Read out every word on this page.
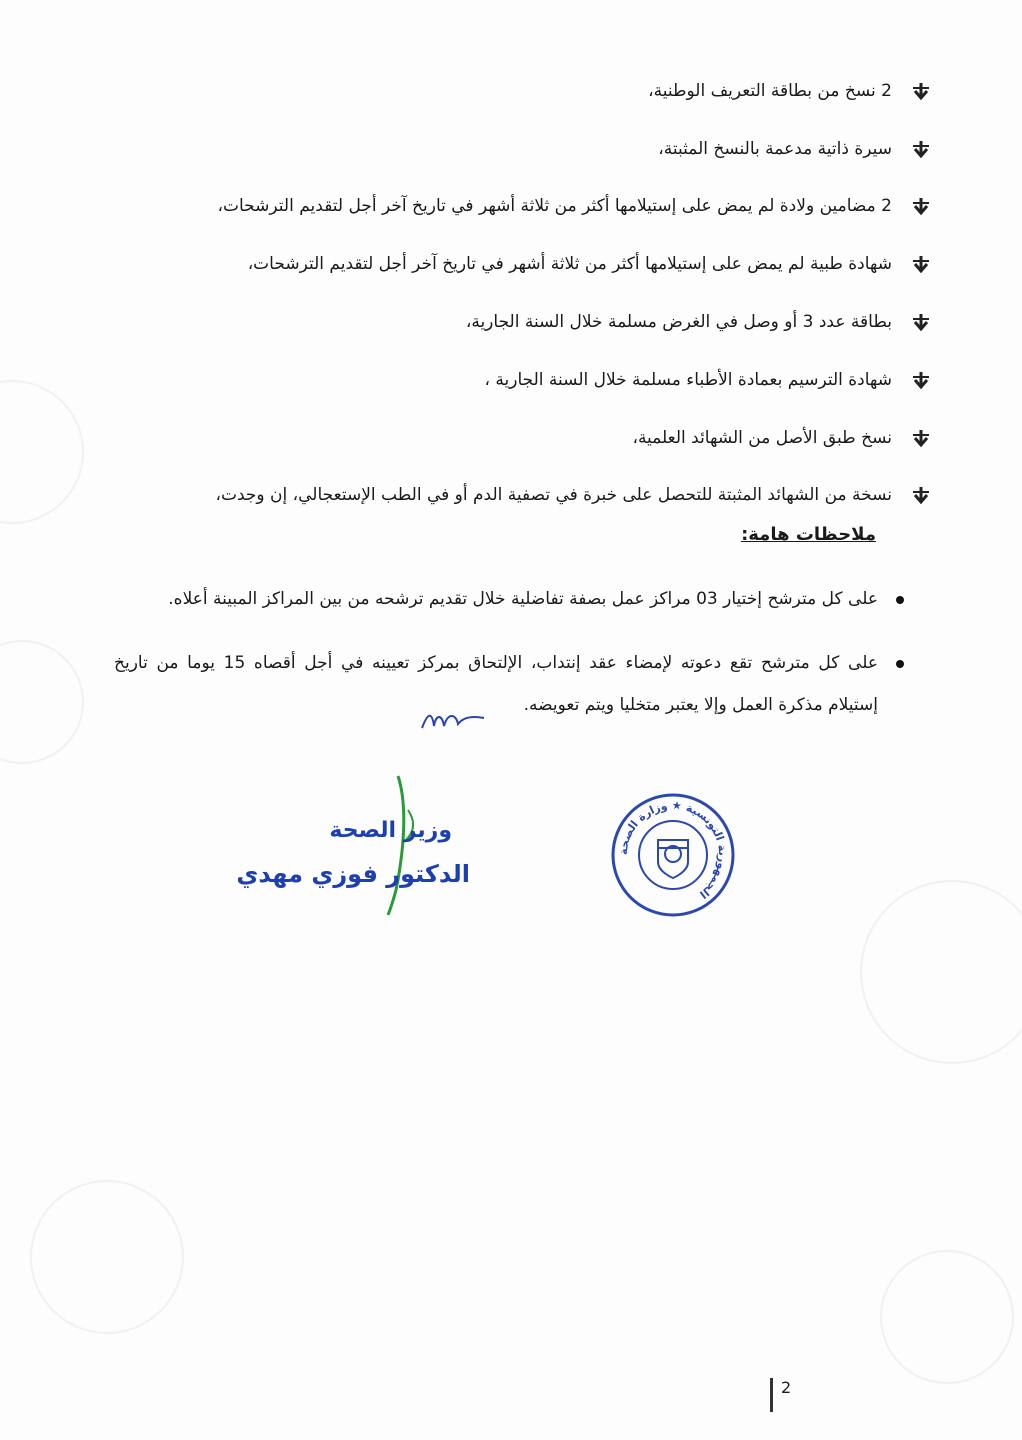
2 نسخ من بطاقة التعريف الوطنية،
سيرة ذاتية مدعمة بالنسخ المثبتة،
2 مضامين ولادة لم يمض على إستيلامها أكثر من ثلاثة أشهر في تاريخ آخر أجل لتقديم الترشحات،
شهادة طبية لم يمض على إستيلامها أكثر من ثلاثة أشهر في تاريخ آخر أجل لتقديم الترشحات،
بطاقة عدد 3 أو وصل في الغرض مسلمة خلال السنة الجارية،
شهادة الترسيم بعمادة الأطباء مسلمة خلال السنة الجارية ،
نسخ طبق الأصل من الشهائد العلمية،
نسخة من الشهائد المثبتة للتحصل على خبرة في تصفية الدم أو في الطب الإستعجالي، إن وجدت،
ملاحظات هامة:
على كل مترشح إختيار 03 مراكز عمل بصفة تفاضلية خلال تقديم ترشحه من بين المراكز المبينة أعلاه.
على كل مترشح تقع دعوته لإمضاء عقد إنتداب، الإلتحاق بمركز تعيينه في أجل أقصاه 15 يوما من تاريخ إستيلام مذكرة العمل وإلا يعتبر متخليا ويتم تعويضه.
وزير الصحة
الدكتور فوزي مهدي
الجمهورية التونسية ★ وزارة الصحة
2
